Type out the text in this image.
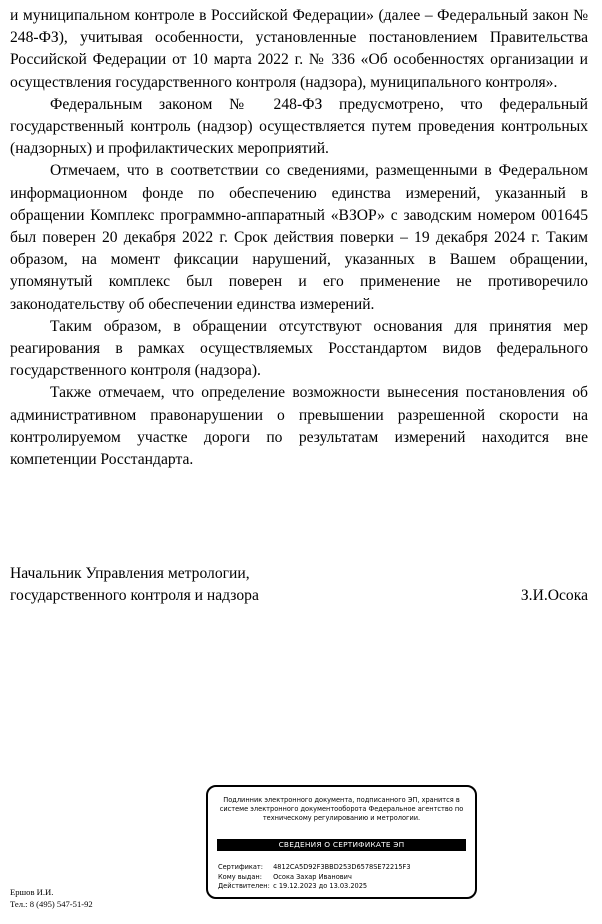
и муниципальном контроле в Российской Федерации» (далее – Федеральный закон № 248-ФЗ), учитывая особенности, установленные постановлением Правительства Российской Федерации от 10 марта 2022 г. № 336 «Об особенностях организации и осуществления государственного контроля (надзора), муниципального контроля».

Федеральным законом № 248-ФЗ предусмотрено, что федеральный государственный контроль (надзор) осуществляется путем проведения контрольных (надзорных) и профилактических мероприятий.

Отмечаем, что в соответствии со сведениями, размещенными в Федеральном информационном фонде по обеспечению единства измерений, указанный в обращении Комплекс программно-аппаратный «ВЗОР» с заводским номером 001645 был поверен 20 декабря 2022 г. Срок действия поверки – 19 декабря 2024 г. Таким образом, на момент фиксации нарушений, указанных в Вашем обращении, упомянутый комплекс был поверен и его применение не противоречило законодательству об обеспечении единства измерений.

Таким образом, в обращении отсутствуют основания для принятия мер реагирования в рамках осуществляемых Росстандартом видов федерального государственного контроля (надзора).

Также отмечаем, что определение возможности вынесения постановления об административном правонарушении о превышении разрешенной скорости на контролируемом участке дороги по результатам измерений находится вне компетенции Росстандарта.

Начальник Управления метрологии,
государственного контроля и надзора	З.И.Осока
Подлинник электронного документа, подписанного ЭП, хранится в системе электронного документооборота Федеральное агентство по техническому регулированию и метрологии.
СВЕДЕНИЯ О СЕРТИФИКАТЕ ЭП
Сертификат: 4812CA5D92F3BBD253D6578SE72215F3
Кому выдан: Осока Захар Иванович
Действителен: с 19.12.2023 до 13.03.2025
Ершов И.И.
Тел.: 8 (495) 547-51-92
